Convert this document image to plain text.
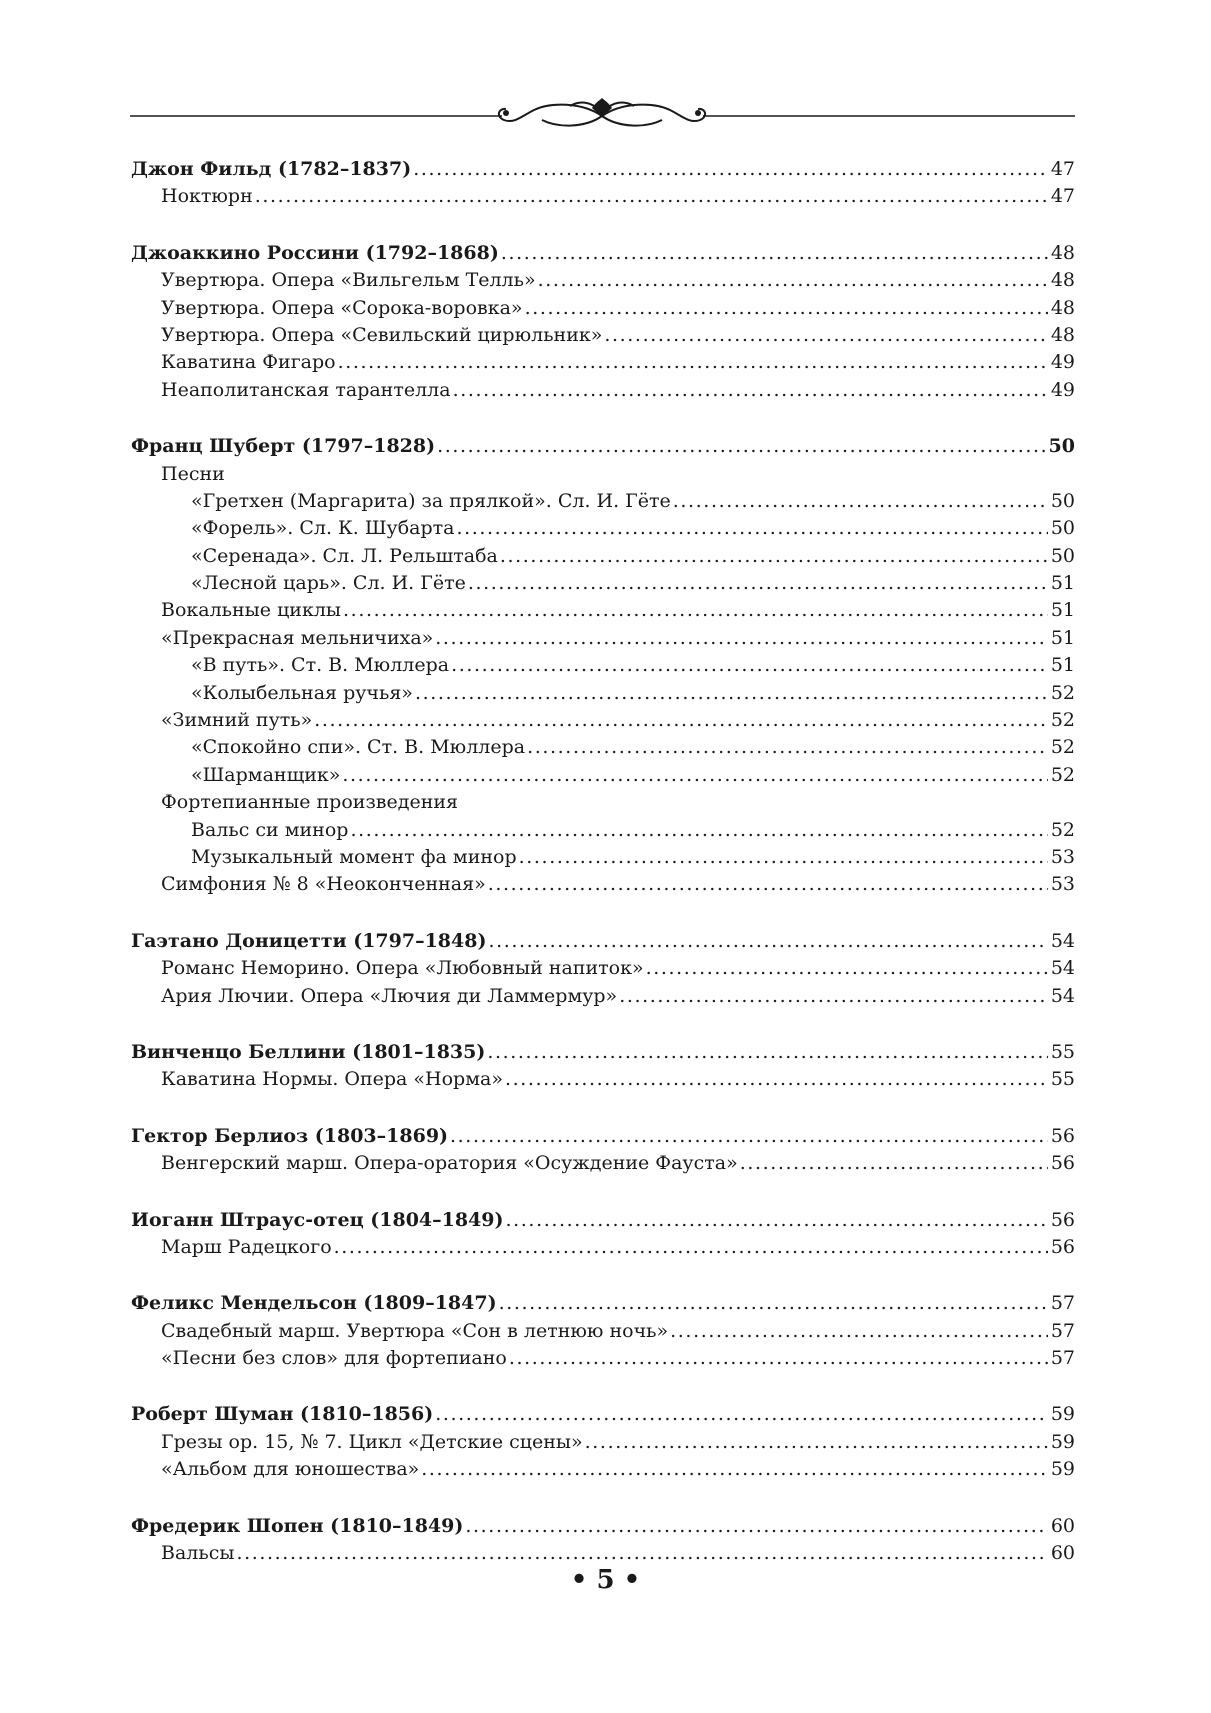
Джон Фильд (1782–1837) .....	47
Ноктюрн .....	47
Джоаккино Россини (1792–1868) .....	48
Увертюра. Опера «Вильгельм Телль» .....	48
Увертюра. Опера «Сорока-воровка» .....	48
Увертюра. Опера «Севильский цирюльник» .....	48
Каватина Фигаро .....	49
Неаполитанская тарантелла .....	49
Франц Шуберт (1797–1828) .....	50
Песни
«Гретхен (Маргарита) за прялкой». Сл. И. Гёте .....	50
«Форель». Сл. К. Шубарта .....	50
«Серенада». Сл. Л. Рельштаба .....	50
«Лесной царь». Сл. И. Гёте .....	51
Вокальные циклы .....	51
«Прекрасная мельничиха» .....	51
«В путь». Ст. В. Мюллера .....	51
«Колыбельная ручья» .....	52
«Зимний путь» .....	52
«Спокойно спи». Ст. В. Мюллера .....	52
«Шарманщик» .....	52
Фортепианные произведения
Вальс си минор .....	52
Музыкальный момент фа минор .....	53
Симфония № 8 «Неоконченная» .....	53
Гаэтано Доницетти (1797–1848) .....	54
Романс Неморино. Опера «Любовный напиток» .....	54
Ария Лючии. Опера «Лючия ди Ламмермур» .....	54
Винченцо Беллини (1801–1835) .....	55
Каватина Нормы. Опера «Норма» .....	55
Гектор Берлиоз (1803–1869) .....	56
Венгерский марш. Опера-оратория «Осуждение Фауста» .....	56
Иоганн Штраус-отец (1804–1849) .....	56
Марш Радецкого .....	56
Феликс Мендельсон (1809–1847) .....	57
Свадебный марш. Увертюра «Сон в летнюю ночь» .....	57
«Песни без слов» для фортепиано .....	57
Роберт Шуман (1810–1856) .....	59
Грезы ор. 15, № 7. Цикл «Детские сцены» .....	59
«Альбом для юношества» .....	59
Фредерик Шопен (1810–1849) .....	60
Вальсы .....	60
• 5 •
